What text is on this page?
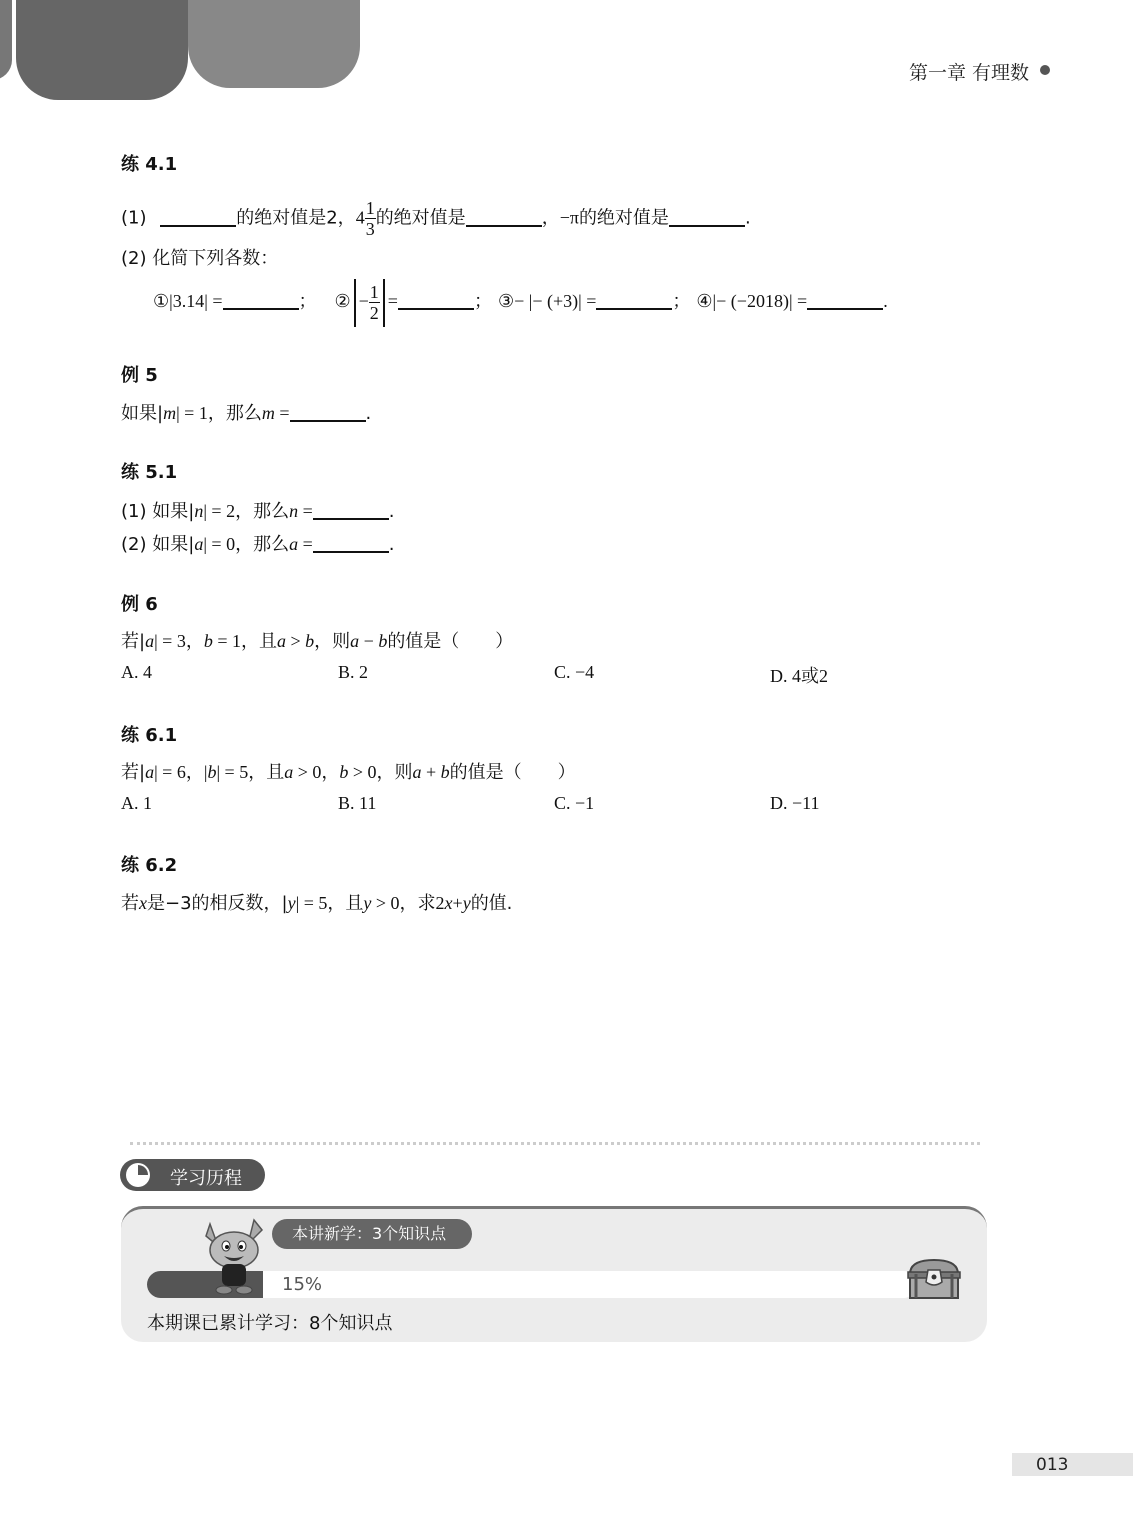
第一章 有理数
练 4.1
(1)	的绝对值是2，$4 \frac{1}{3}$ 的绝对值是	，−π的绝对值是	.
(2) 化简下列各数：
①|3.14| =	； ② − $\frac{1}{2}$ =	； ③− |− (+3)| =	； ④|− (−2018)| =	.
例 5
如果|m| = 1，那么m =	.
练 5.1
(1) 如果|n| = 2，那么n =	.
(2) 如果|a| = 0，那么a =	.
例 6
若|a| = 3，b = 1，且a > b，则a − b的值是（　　）
A. 4	B. 2	C. −4	D. 4或2
练 6.1
若|a| = 6，|b| = 5，且a > 0，b > 0，则a + b的值是（　　）
A. 1	B. 11	C. −1	D. −11
练 6.2
若x是−3的相反数，|y| = 5，且y > 0，求2x+y的值.
学习历程
本讲新学：3个知识点
15%
本期课已累计学习：8个知识点
013
